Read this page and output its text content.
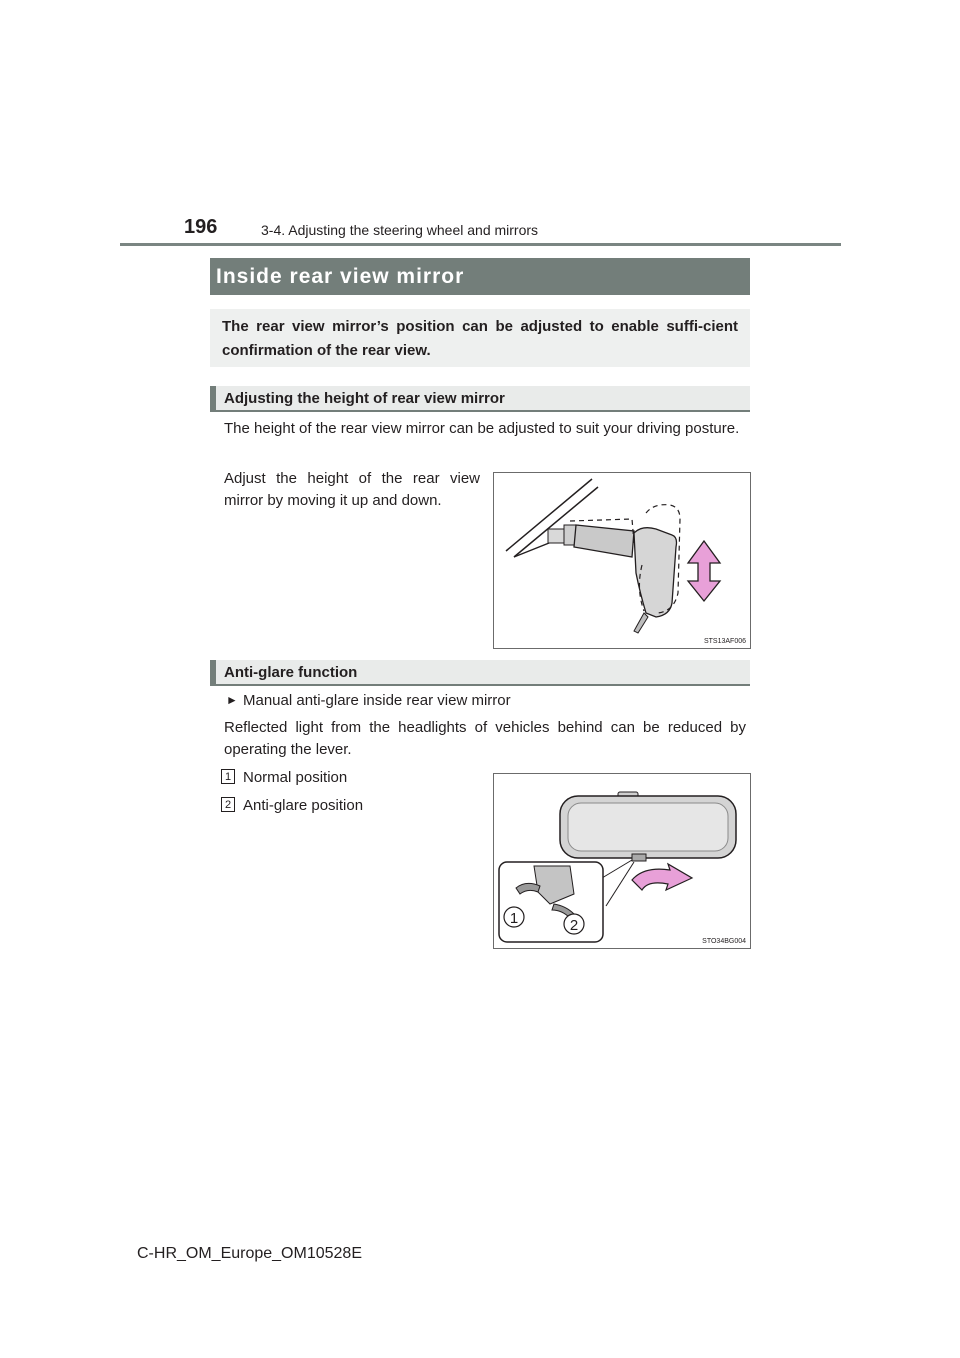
196	3-4. Adjusting the steering wheel and mirrors
Inside rear view mirror
The rear view mirror’s position can be adjusted to enable suffi-cient confirmation of the rear view.
Adjusting the height of rear view mirror
The height of the rear view mirror can be adjusted to suit your driving posture.
Adjust the height of the rear view mirror by moving it up and down.
STS13AF006
Anti-glare function
► Manual anti-glare inside rear view mirror
Reflected light from the headlights of vehicles behind can be reduced by operating the lever.
1 Normal position
2 Anti-glare position
1	2
STO34BG004
C-HR_OM_Europe_OM10528E
